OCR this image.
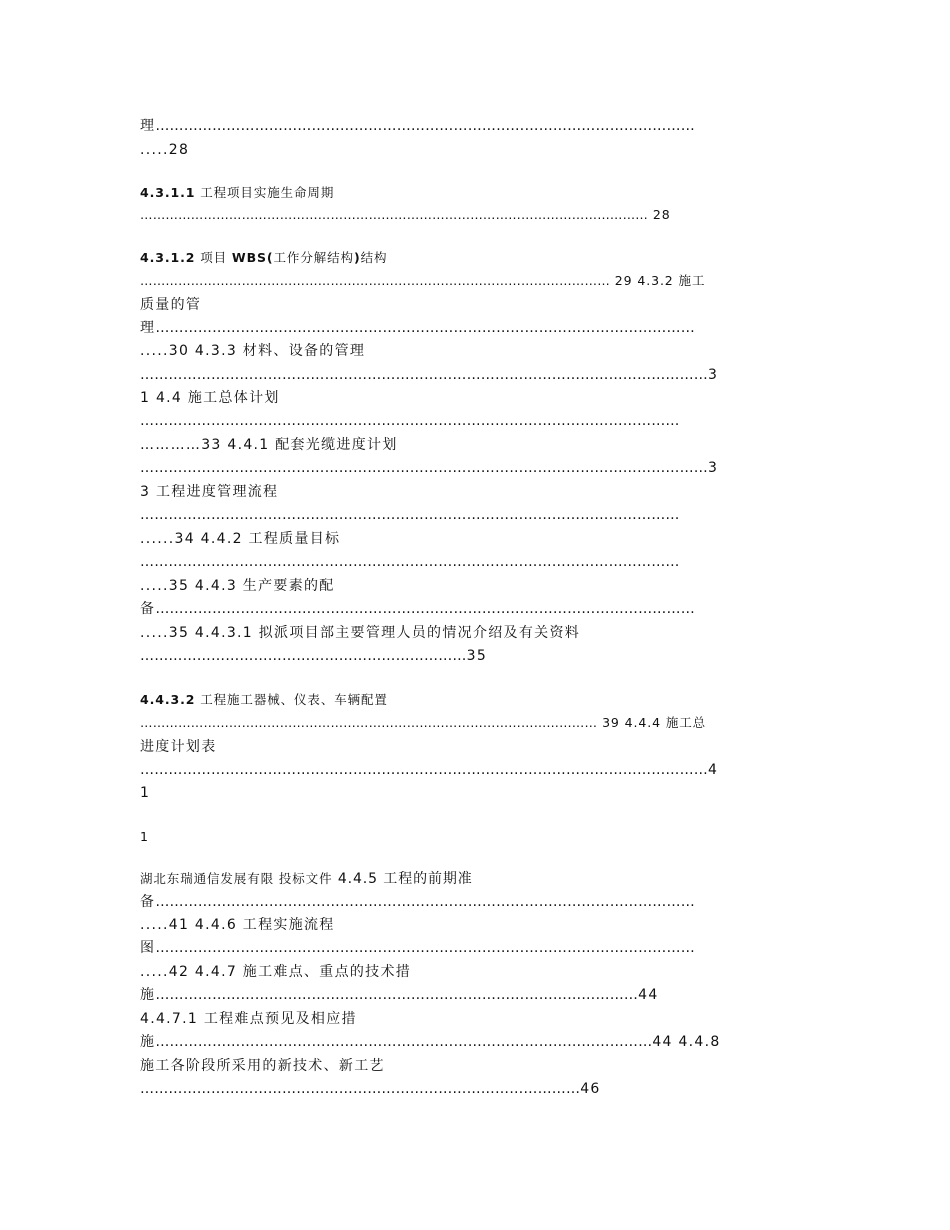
理……………………………………………………………………………………………………
.....28
4.3.1.1 工程项目实施生命周期
………………………………………………………………………………………………………… 28
4.3.1.2 项目 WBS(工作分解结构)结构
………………………………………………………………………………………………… 29 4.3.2 施工
质量的管
理……………………………………………………………………………………………………
.....30 4.3.3 材料、设备的管理
…………………………………………………………………………………………………………3
1 4.4 施工总体计划
……………………………………………………………………………………………………
…………33 4.4.1 配套光缆进度计划
…………………………………………………………………………………………………………3
3 工程进度管理流程
……………………………………………………………………………………………………
......34 4.4.2 工程质量目标
……………………………………………………………………………………………………
.....35 4.4.3 生产要素的配
备……………………………………………………………………………………………………
.....35 4.4.3.1 拟派项目部主要管理人员的情况介绍及有关资料
……………………………………………………………35
4.4.3.2 工程施工器械、仪表、车辆配置
……………………………………………………………………………………………… 39 4.4.4 施工总
进度计划表
…………………………………………………………………………………………………………4
1
1
湖北东瑞通信发展有限 投标文件 4.4.5 工程的前期准
备……………………………………………………………………………………………………
.....41 4.4.6 工程实施流程
图……………………………………………………………………………………………………
.....42 4.4.7 施工难点、重点的技术措
施…………………………………………………………………………………………44
4.4.7.1 工程难点预见及相应措
施……………………………………………………………………………………………44 4.4.8
施工各阶段所采用的新技术、新工艺
…………………………………………………………………………………46
